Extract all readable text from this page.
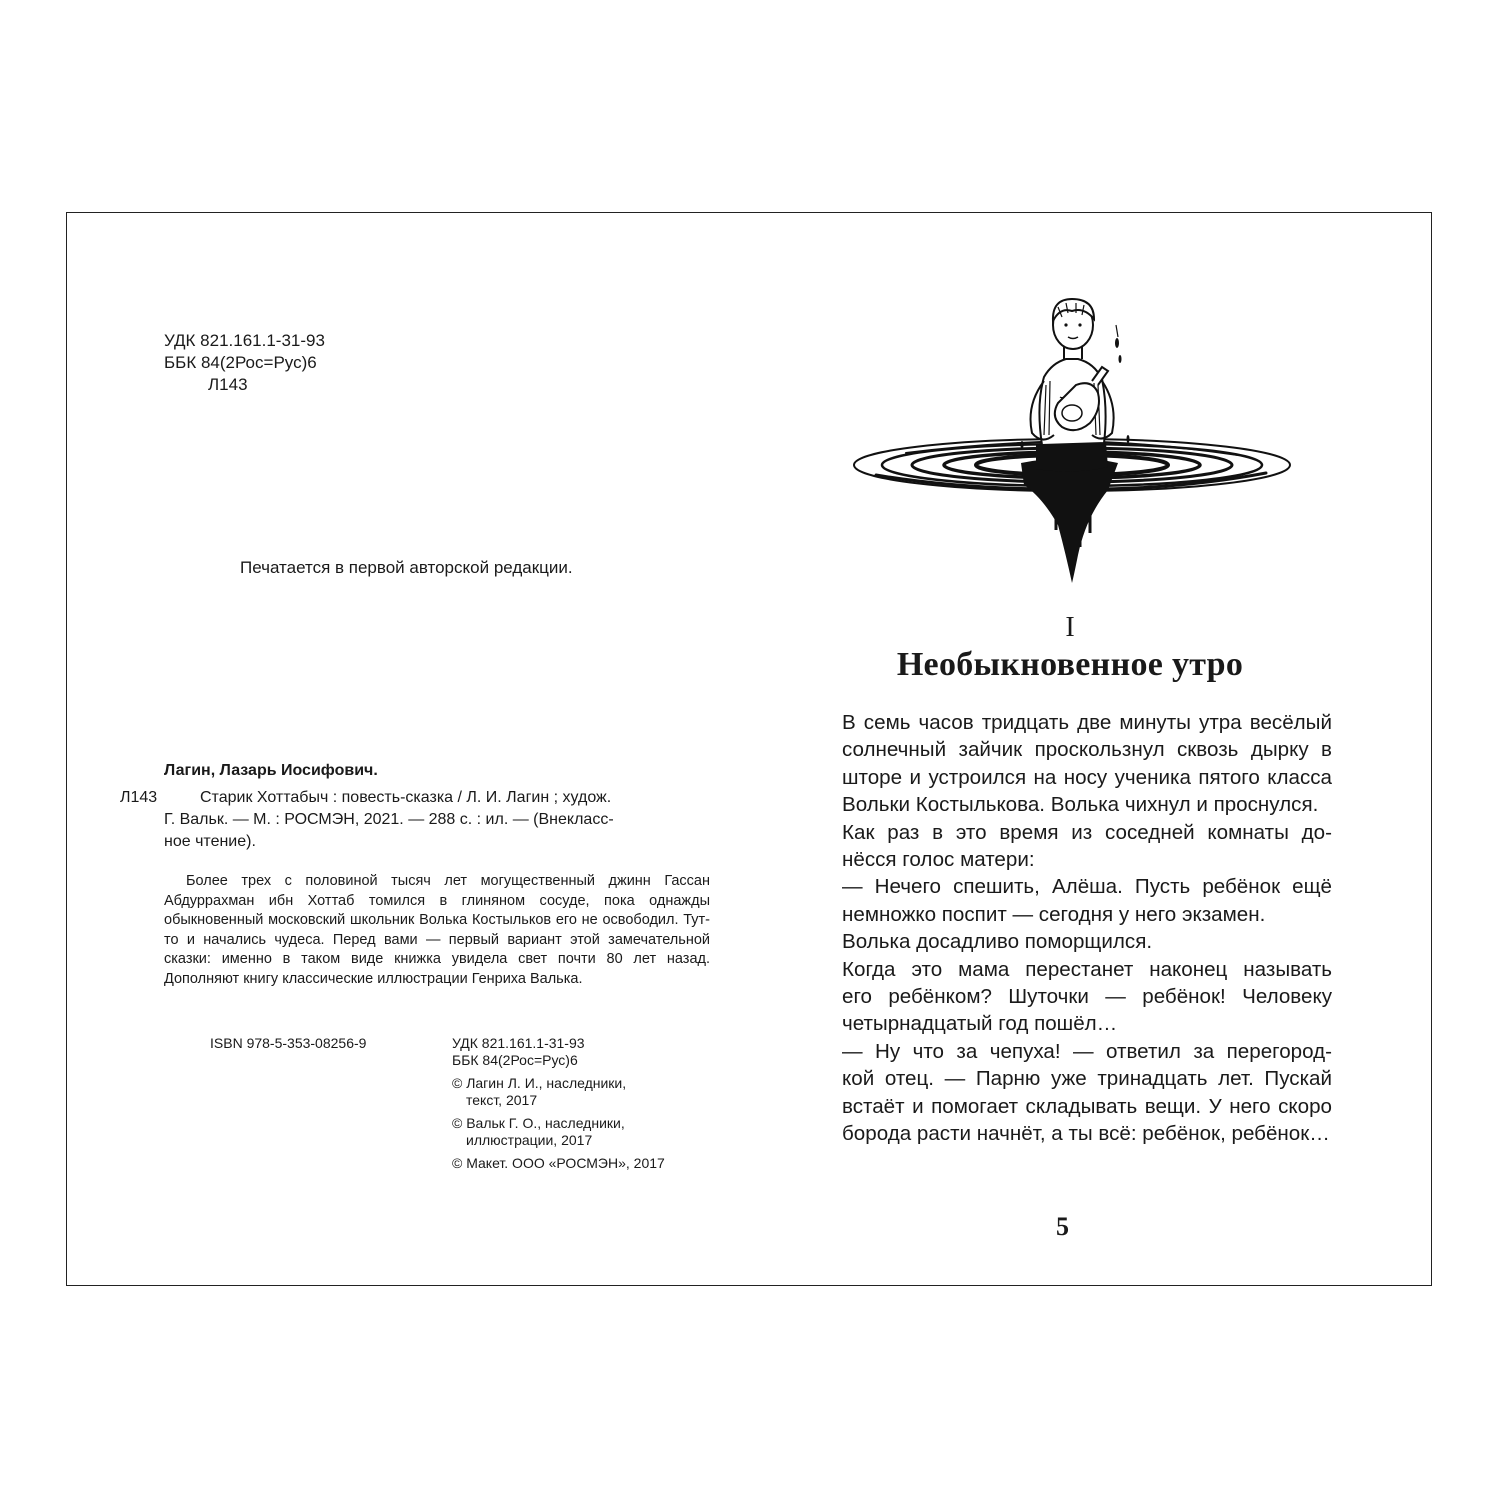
УДК 821.161.1-31-93
ББК 84(2Рос=Рус)6
Л143
Печатается в первой авторской редакции.
Лагин, Лазарь Иосифович.
Л143	Старик Хоттабыч : повесть-сказка / Л. И. Лагин ; худож.
Г. Вальк. — М. : РОСМЭН, 2021. — 288 с. : ил. — (Внекласс-
ное чтение).
Более трех с половиной тысяч лет могущественный джинн Гассан Абдуррахман ибн Хоттаб томился в глиняном сосуде, пока однажды обыкновенный московский школьник Волька Костыльков его не освободил. Тут-то и начались чудеса. Перед вами — первый вариант этой замечательной сказки: именно в таком виде книжка увидела свет почти 80 лет назад. Дополняют книгу классические иллюстрации Генриха Валька.
ISBN 978-5-353-08256-9	УДК 821.161.1-31-93
ББК 84(2Рос=Рус)6
© Лагин Л. И., наследники,
текст, 2017
© Вальк Г. О., наследники,
иллюстрации, 2017
© Макет. ООО «РОСМЭН», 2017
I
Необыкновенное утро

В семь часов тридцать две минуты утра весёлый
солнечный зайчик проскользнул сквозь дырку в
шторе и устроился на носу ученика пятого класса
Вольки Костылькова. Волька чихнул и проснулся.

Как раз в это время из соседней комнаты до-
нёсся голос матери:

— Нечего спешить, Алёша. Пусть ребёнок ещё
немножко поспит — сегодня у него экзамен.

Волька досадливо поморщился.

Когда это мама перестанет наконец называть
его ребёнком? Шуточки — ребёнок! Человеку
четырнадцатый год пошёл…

— Ну что за чепуха! — ответил за перегород-
кой отец. — Парню уже тринадцать лет. Пускай
встаёт и помогает складывать вещи. У него скоро
борода расти начнёт, а ты всё: ребёнок, ребёнок…

5
